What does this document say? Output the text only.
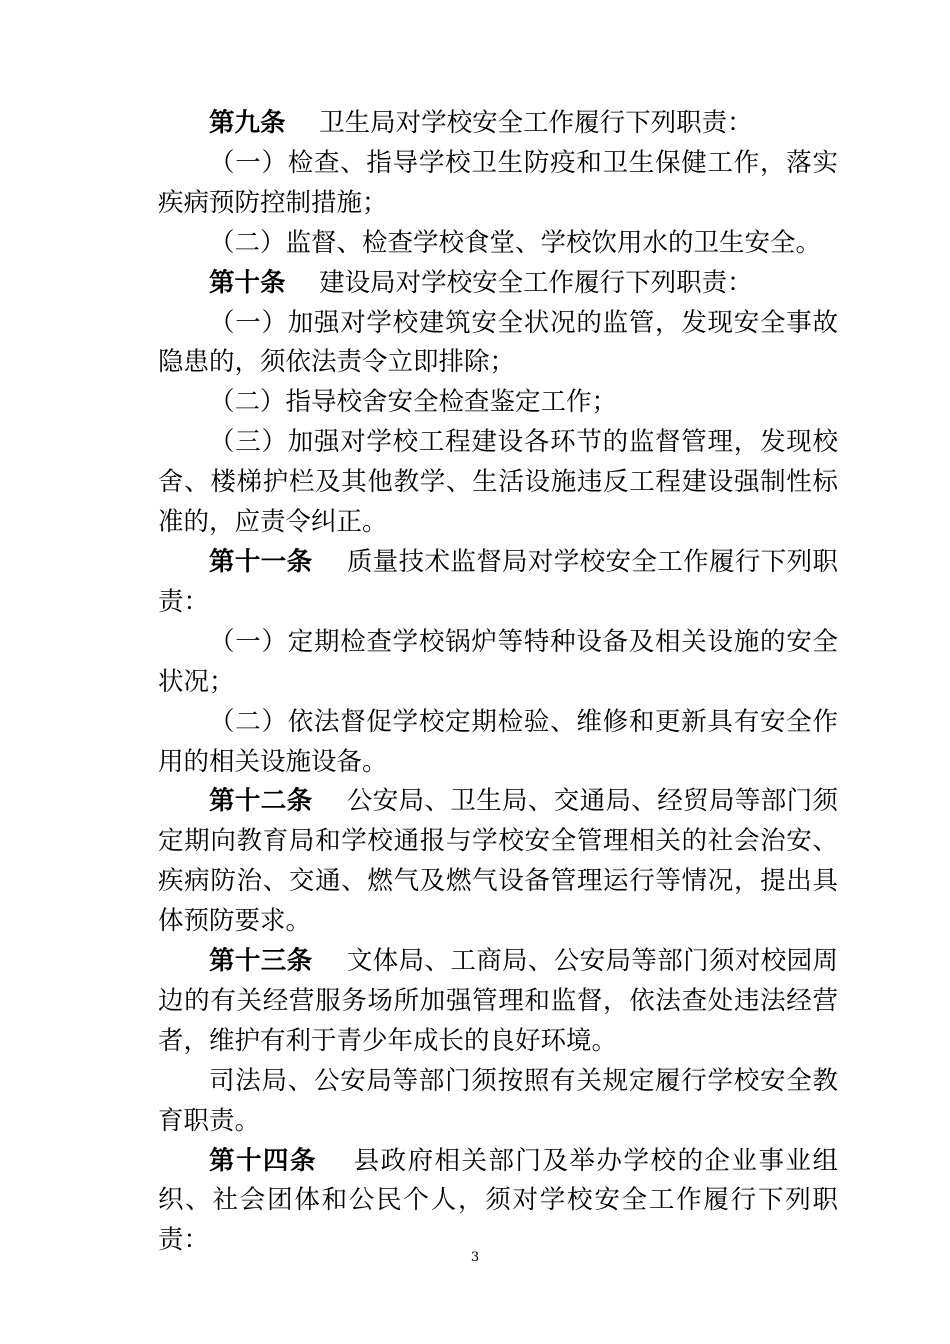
第九条　 卫生局对学校安全工作履行下列职责：

（一）检查、指导学校卫生防疫和卫生保健工作，落实疾病预防控制措施；

（二）监督、检查学校食堂、学校饮用水的卫生安全。

第十条　 建设局对学校安全工作履行下列职责：

（一）加强对学校建筑安全状况的监管，发现安全事故隐患的，须依法责令立即排除；

（二）指导校舍安全检查鉴定工作；

（三）加强对学校工程建设各环节的监督管理，发现校舍、楼梯护栏及其他教学、生活设施违反工程建设强制性标准的，应责令纠正。

第十一条　 质量技术监督局对学校安全工作履行下列职责：

（一）定期检查学校锅炉等特种设备及相关设施的安全状况；

（二）依法督促学校定期检验、维修和更新具有安全作用的相关设施设备。

第十二条　 公安局、卫生局、交通局、经贸局等部门须定期向教育局和学校通报与学校安全管理相关的社会治安、疾病防治、交通、燃气及燃气设备管理运行等情况，提出具体预防要求。

第十三条　 文体局、工商局、公安局等部门须对校园周边的有关经营服务场所加强管理和监督，依法查处违法经营者，维护有利于青少年成长的良好环境。

司法局、公安局等部门须按照有关规定履行学校安全教育职责。

第十四条　 县政府相关部门及举办学校的企业事业组织、社会团体和公民个人，须对学校安全工作履行下列职责：

3
